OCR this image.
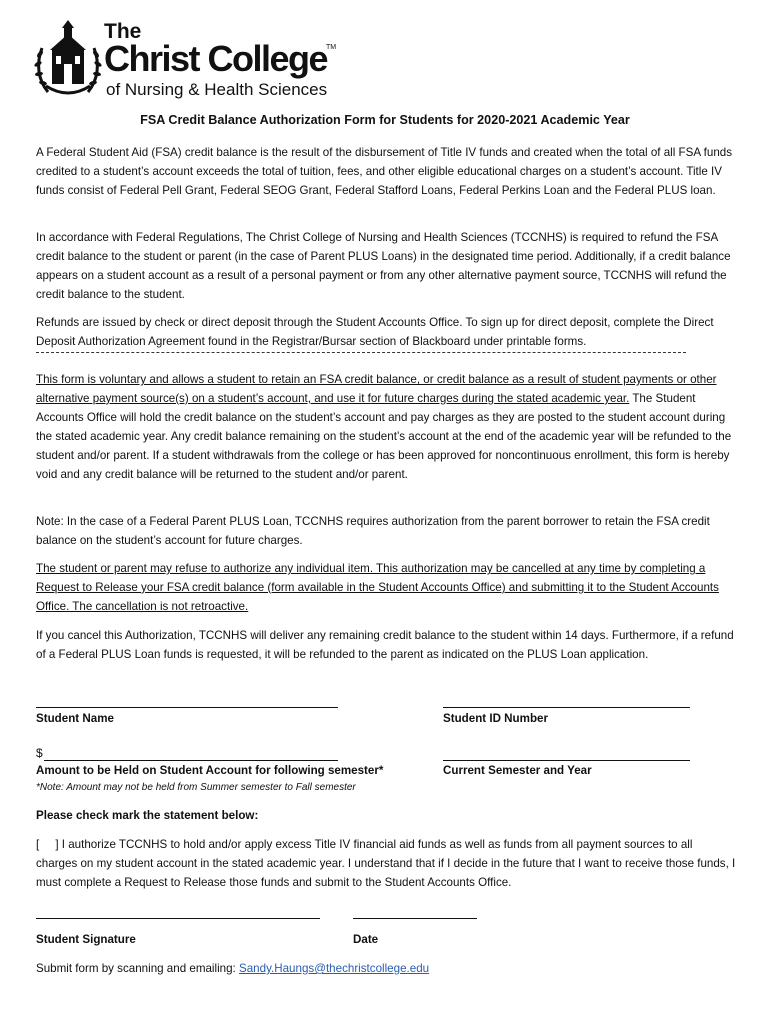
The
Christ College
TM
of Nursing & Health Sciences
FSA Credit Balance Authorization Form for Students for 2020-2021 Academic Year

A Federal Student Aid (FSA) credit balance is the result of the disbursement of Title IV funds and created when the total of all FSA funds credited to a student’s account exceeds the total of tuition, fees, and other eligible educational charges on a student’s account. Title IV funds consist of Federal Pell Grant, Federal SEOG Grant, Federal Stafford Loans, Federal Perkins Loan and the Federal PLUS loan.

In accordance with Federal Regulations, The Christ College of Nursing and Health Sciences (TCCNHS) is required to refund the FSA credit balance to the student or parent (in the case of Parent PLUS Loans) in the designated time period. Additionally, if a credit balance appears on a student account as a result of a personal payment or from any other alternative payment source, TCCNHS will refund the credit balance to the student.

Refunds are issued by check or direct deposit through the Student Accounts Office. To sign up for direct deposit, complete the Direct Deposit Authorization Agreement found in the Registrar/Bursar section of Blackboard under printable forms.

This form is voluntary and allows a student to retain an FSA credit balance, or credit balance as a result of student payments or other alternative payment source(s) on a student’s account, and use it for future charges during the stated academic year. The Student Accounts Office will hold the credit balance on the student’s account and pay charges as they are posted to the student account during the stated academic year. Any credit balance remaining on the student’s account at the end of the academic year will be refunded to the student and/or parent. If a student withdrawals from the college or has been approved for noncontinuous enrollment, this form is hereby void and any credit balance will be returned to the student and/or parent.

Note: In the case of a Federal Parent PLUS Loan, TCCNHS requires authorization from the parent borrower to retain the FSA credit balance on the student’s account for future charges.

The student or parent may refuse to authorize any individual item. This authorization may be cancelled at any time by completing a Request to Release your FSA credit balance (form available in the Student Accounts Office) and submitting it to the Student Accounts Office. The cancellation is not retroactive.

If you cancel this Authorization, TCCNHS will deliver any remaining credit balance to the student within 14 days. Furthermore, if a refund of a Federal PLUS Loan funds is requested, it will be refunded to the parent as indicated on the PLUS Loan application.

Student Name	Student ID Number
$
Amount to be Held on Student Account for following semester*
*Note: Amount may not be held from Summer semester to Fall semester
Current Semester and Year
Please check mark the statement below:

[     ] I authorize TCCNHS to hold and/or apply excess Title IV financial aid funds as well as funds from all payment sources to all charges on my student account in the stated academic year. I understand that if I decide in the future that I want to receive those funds, I must complete a Request to Release those funds and submit to the Student Accounts Office.

Student Signature	Date
Submit form by scanning and emailing: Sandy.Haungs@thechristcollege.edu
